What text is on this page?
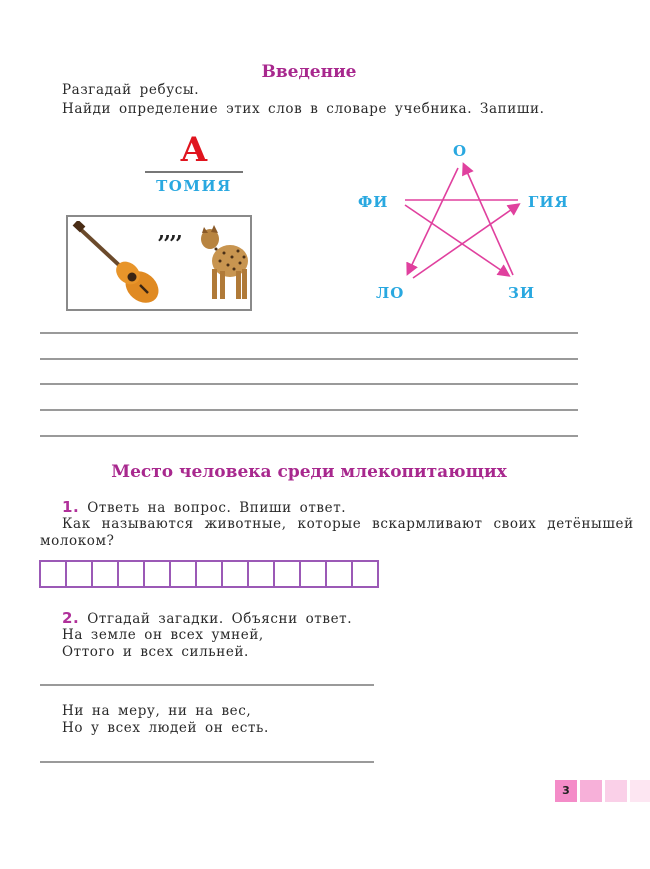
Введение
Разгадай ребусы.
Найди определение этих слов в словаре учебника. Запиши.
А
ТОМИЯ
,,,,
О
ФИ	ГИЯ
ЛО	ЗИ
Место человека среди млекопитающих
1. Ответь на вопрос. Впиши ответ.
Как называются животные, которые вскармливают своих детёнышей
молоком?
2. Отгадай загадки. Объясни ответ.
На земле он всех умней,
Оттого и всех сильней.
Ни на меру, ни на вес,
Но у всех людей он есть.
3
